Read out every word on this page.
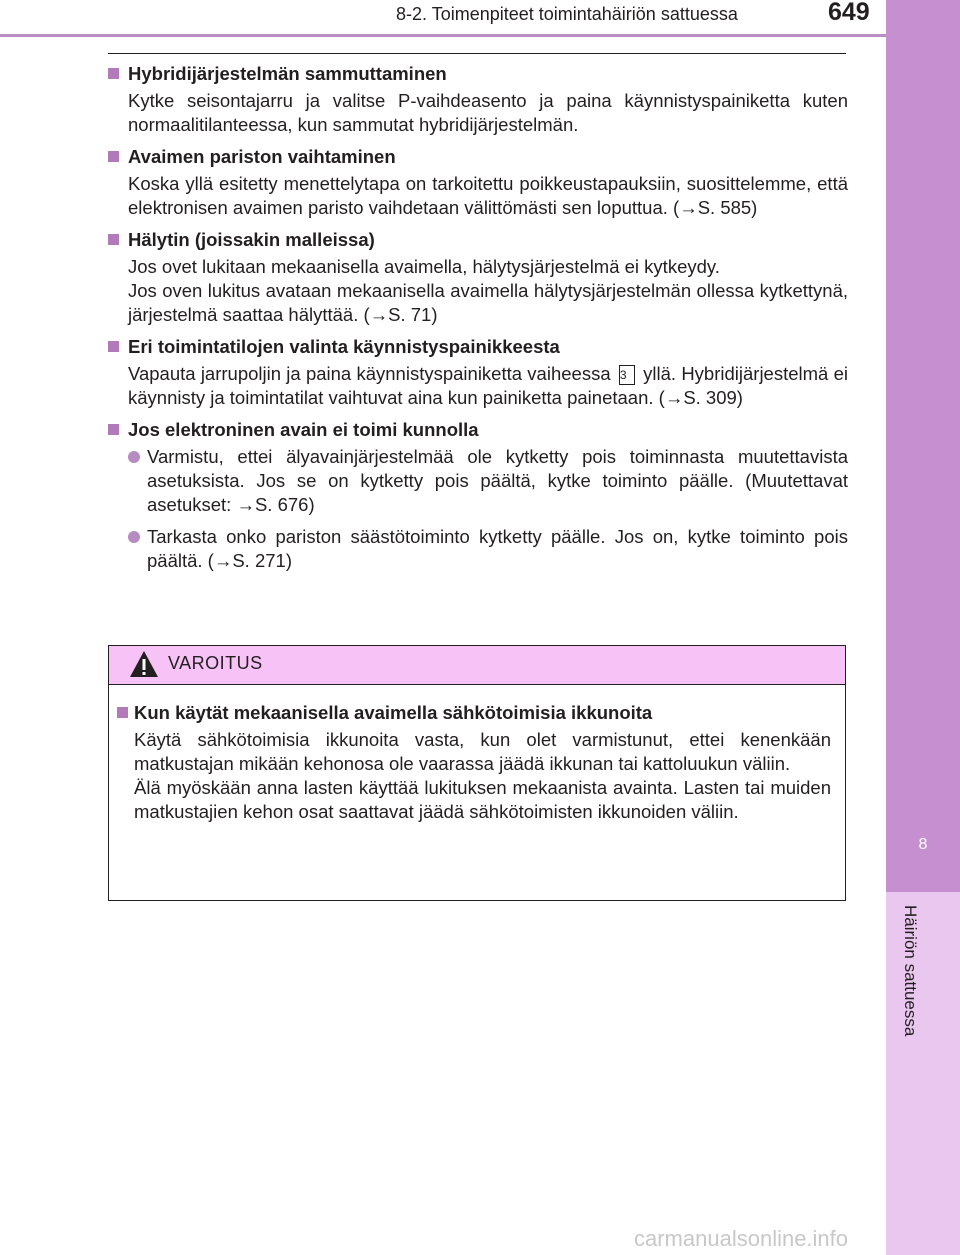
8-2. Toimenpiteet toimintahäiriön sattuessa	649
8
Häiriön sattuessa

Hybridijärjestelmän sammuttaminen

Kytke seisontajarru ja valitse P-vaihdeasento ja paina käynnistyspainiketta kuten normaalitilanteessa, kun sammutat hybridijärjestelmän.

Avaimen pariston vaihtaminen

Koska yllä esitetty menettelytapa on tarkoitettu poikkeustapauksiin, suosittelemme, että elektronisen avaimen paristo vaihdetaan välittömästi sen loputtua. (→S. 585)

Hälytin (joissakin malleissa)

Jos ovet lukitaan mekaanisella avaimella, hälytysjärjestelmä ei kytkeydy.
Jos oven lukitus avataan mekaanisella avaimella hälytysjärjestelmän ollessa kytkettynä, järjestelmä saattaa hälyttää. (→S. 71)

Eri toimintatilojen valinta käynnistyspainikkeesta

Vapauta jarrupoljin ja paina käynnistyspainiketta vaiheessa 3 yllä. Hybridijärjestelmä ei käynnisty ja toimintatilat vaihtuvat aina kun painiketta painetaan. (→S. 309)

Jos elektroninen avain ei toimi kunnolla

Varmistu, ettei älyavainjärjestelmää ole kytketty pois toiminnasta muutettavista asetuksista. Jos se on kytketty pois päältä, kytke toiminto päälle. (Muutettavat asetukset: →S. 676)
Tarkasta onko pariston säästötoiminto kytketty päälle. Jos on, kytke toiminto pois päältä. (→S. 271)
VAROITUS

Kun käytät mekaanisella avaimella sähkötoimisia ikkunoita

Käytä sähkötoimisia ikkunoita vasta, kun olet varmistunut, ettei kenenkään matkustajan mikään kehonosa ole vaarassa jäädä ikkunan tai kattoluukun väliin.
Älä myöskään anna lasten käyttää lukituksen mekaanista avainta. Lasten tai muiden matkustajien kehon osat saattavat jäädä sähkötoimisten ikkunoiden väliin.
carmanualsonline.info
